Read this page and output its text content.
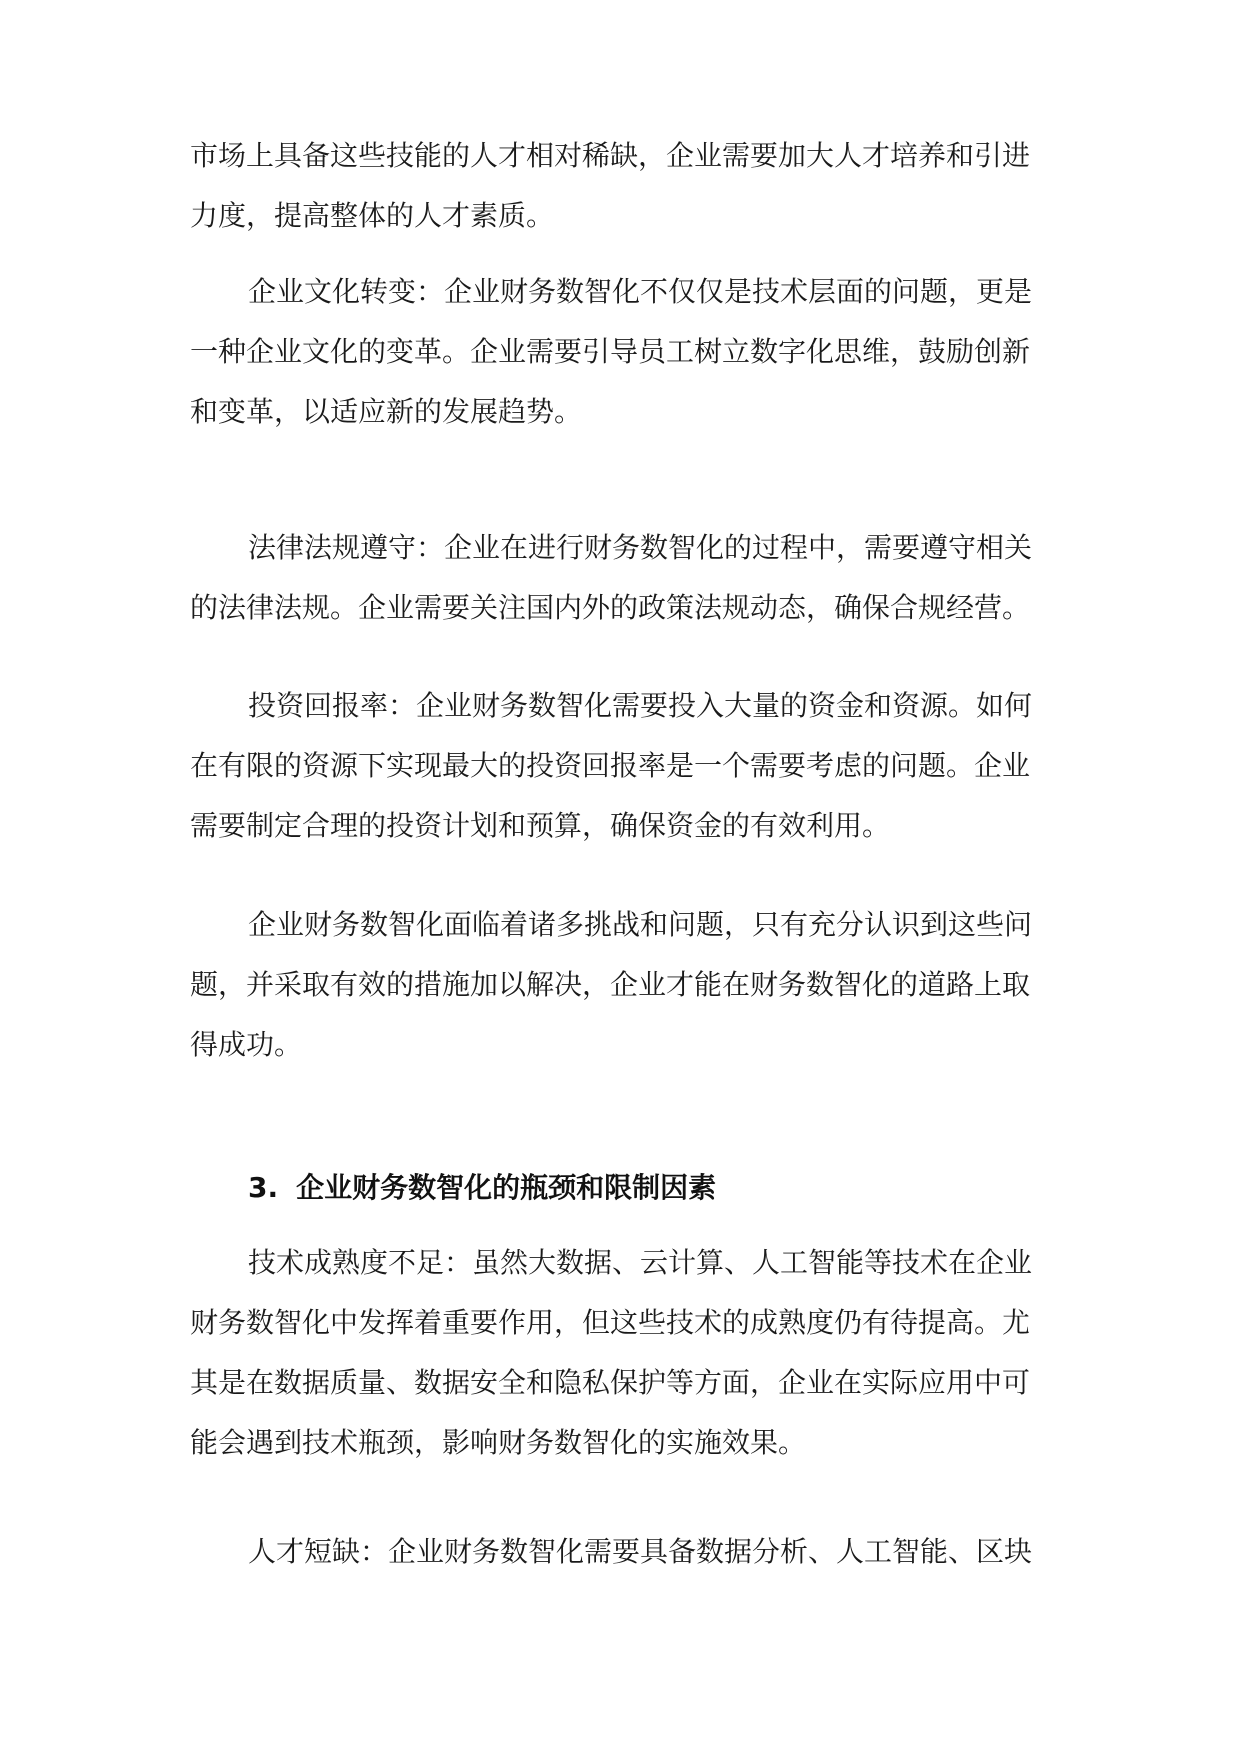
市场上具备这些技能的人才相对稀缺，企业需要加大人才培养和引进
力度，提高整体的人才素质。

企业文化转变：企业财务数智化不仅仅是技术层面的问题，更是
一种企业文化的变革。企业需要引导员工树立数字化思维，鼓励创新
和变革，以适应新的发展趋势。

法律法规遵守：企业在进行财务数智化的过程中，需要遵守相关
的法律法规。企业需要关注国内外的政策法规动态，确保合规经营。

投资回报率：企业财务数智化需要投入大量的资金和资源。如何
在有限的资源下实现最大的投资回报率是一个需要考虑的问题。企业
需要制定合理的投资计划和预算，确保资金的有效利用。

企业财务数智化面临着诸多挑战和问题，只有充分认识到这些问
题，并采取有效的措施加以解决，企业才能在财务数智化的道路上取
得成功。

3. 企业财务数智化的瓶颈和限制因素

技术成熟度不足：虽然大数据、云计算、人工智能等技术在企业
财务数智化中发挥着重要作用，但这些技术的成熟度仍有待提高。尤
其是在数据质量、数据安全和隐私保护等方面，企业在实际应用中可
能会遇到技术瓶颈，影响财务数智化的实施效果。

人才短缺：企业财务数智化需要具备数据分析、人工智能、区块
